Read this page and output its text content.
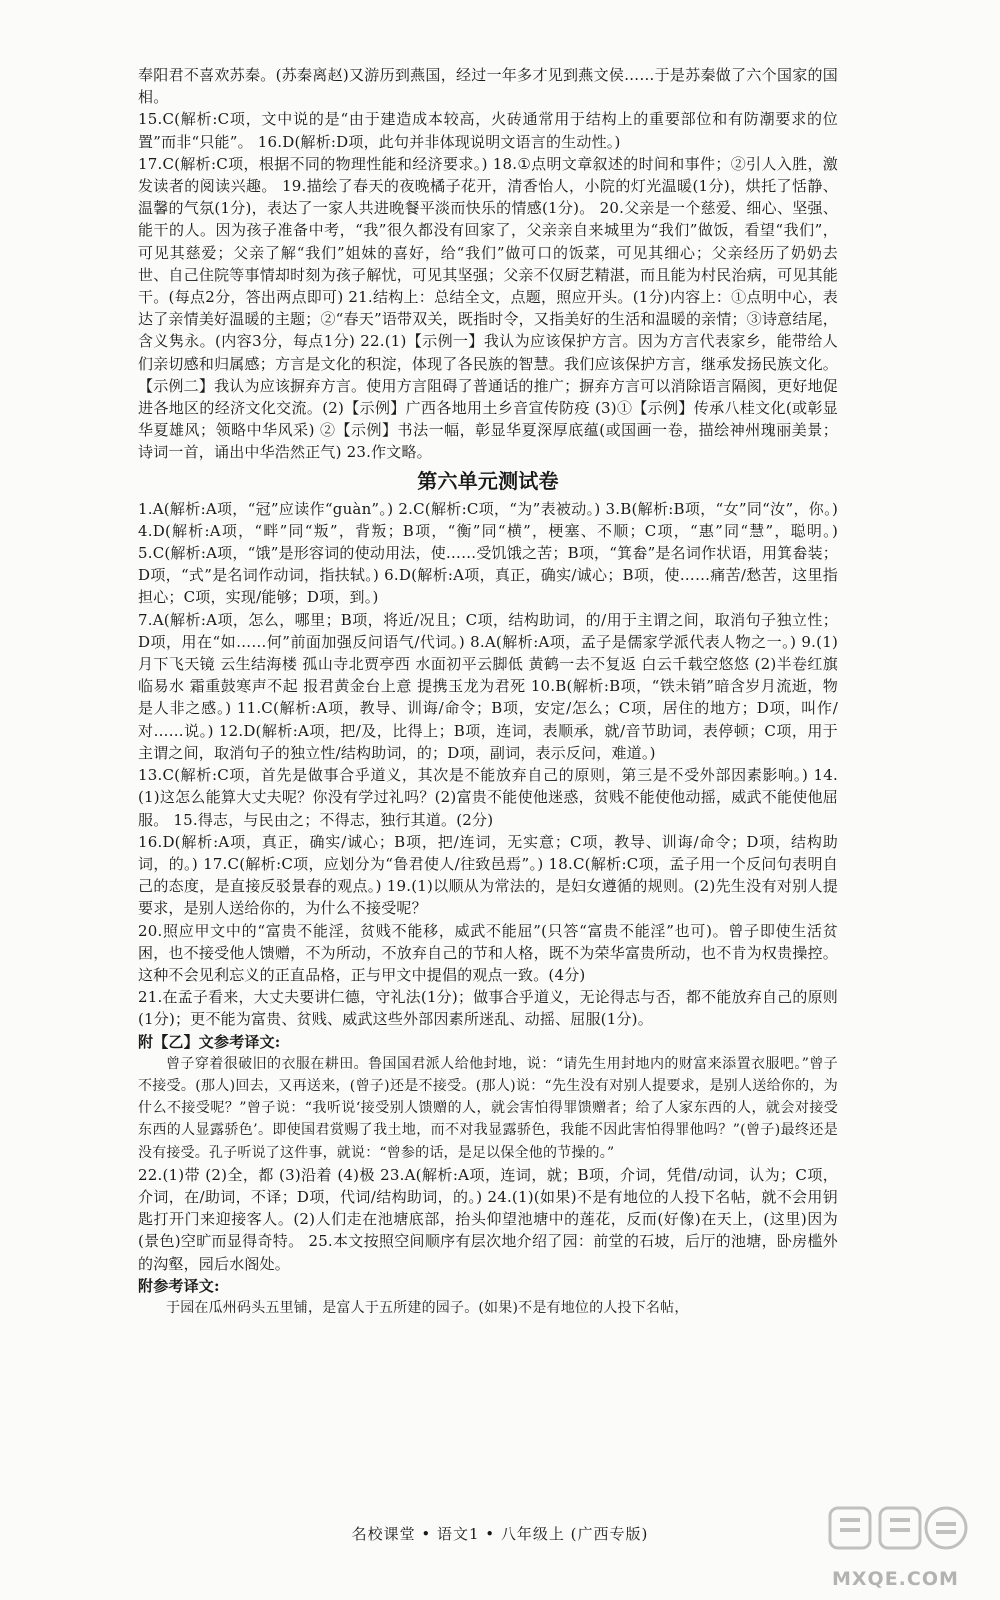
奉阳君不喜欢苏秦。(苏秦离赵)又游历到燕国，经过一年多才见到燕文侯……于是苏秦做了六个国家的国相。

15.C(解析:C项，文中说的是“由于建造成本较高，火砖通常用于结构上的重要部位和有防潮要求的位置”而非“只能”。 16.D(解析:D项，此句并非体现说明文语言的生动性。)

17.C(解析:C项，根据不同的物理性能和经济要求。) 18.①点明文章叙述的时间和事件；②引人入胜，激发读者的阅读兴趣。 19.描绘了春天的夜晚橘子花开，清香怡人，小院的灯光温暖(1分)，烘托了恬静、温馨的气氛(1分)，表达了一家人共进晚餐平淡而快乐的情感(1分)。 20.父亲是一个慈爱、细心、坚强、能干的人。因为孩子准备中考，“我”很久都没有回家了，父亲亲自来城里为“我们”做饭，看望“我们”，可见其慈爱；父亲了解“我们”姐妹的喜好，给“我们”做可口的饭菜，可见其细心；父亲经历了奶奶去世、自己住院等事情却时刻为孩子解忧，可见其坚强；父亲不仅厨艺精湛，而且能为村民治病，可见其能干。(每点2分，答出两点即可) 21.结构上：总结全文，点题，照应开头。(1分)内容上：①点明中心，表达了亲情美好温暖的主题；②“春天”语带双关，既指时令，又指美好的生活和温暖的亲情；③诗意结尾，含义隽永。(内容3分，每点1分) 22.(1)【示例一】我认为应该保护方言。因为方言代表家乡，能带给人们亲切感和归属感；方言是文化的积淀，体现了各民族的智慧。我们应该保护方言，继承发扬民族文化。【示例二】我认为应该摒弃方言。使用方言阻碍了普通话的推广；摒弃方言可以消除语言隔阂，更好地促进各地区的经济文化交流。(2)【示例】广西各地用土乡音宣传防疫 (3)①【示例】传承八桂文化(或彰显华夏雄风；领略中华风采) ②【示例】书法一幅，彰显华夏深厚底蕴(或国画一卷，描绘神州瑰丽美景；诗词一首，诵出中华浩然正气) 23.作文略。

第六单元测试卷

1.A(解析:A项，“冠”应读作“guàn”。) 2.C(解析:C项，“为”表被动。) 3.B(解析:B项，“女”同“汝”，你。) 4.D(解析:A项，“畔”同“叛”，背叛；B项，“衡”同“横”，梗塞、不顺；C项，“惠”同“慧”，聪明。) 5.C(解析:A项，“饿”是形容词的使动用法，使……受饥饿之苦；B项，“箕畚”是名词作状语，用箕畚装；D项，“式”是名词作动词，指扶轼。) 6.D(解析:A项，真正，确实/诚心；B项，使……痛苦/愁苦，这里指担心；C项，实现/能够；D项，到。)

7.A(解析:A项，怎么，哪里；B项，将近/况且；C项，结构助词，的/用于主谓之间，取消句子独立性；D项，用在“如……何”前面加强反问语气/代词。) 8.A(解析:A项，孟子是儒家学派代表人物之一。) 9.(1)月下飞天镜 云生结海楼 孤山寺北贾亭西 水面初平云脚低 黄鹤一去不复返 白云千载空悠悠 (2)半卷红旗临易水 霜重鼓寒声不起 报君黄金台上意 提携玉龙为君死 10.B(解析:B项，“铁未销”暗含岁月流逝，物是人非之感。) 11.C(解析:A项，教导、训诲/命令；B项，安定/怎么；C项，居住的地方；D项，叫作/对……说。) 12.D(解析:A项，把/及，比得上；B项，连词，表顺承，就/音节助词，表停顿；C项，用于主谓之间，取消句子的独立性/结构助词，的；D项，副词，表示反问，难道。)

13.C(解析:C项，首先是做事合乎道义，其次是不能放弃自己的原则，第三是不受外部因素影响。) 14.(1)这怎么能算大丈夫呢？你没有学过礼吗？(2)富贵不能使他迷惑，贫贱不能使他动摇，威武不能使他屈服。 15.得志，与民由之；不得志，独行其道。(2分)

16.D(解析:A项，真正，确实/诚心；B项，把/连词，无实意；C项，教导、训诲/命令；D项，结构助词，的。) 17.C(解析:C项，应划分为“鲁君使人/往致邑焉”。) 18.C(解析:C项，孟子用一个反问句表明自己的态度，是直接反驳景春的观点。) 19.(1)以顺从为常法的，是妇女遵循的规则。(2)先生没有对别人提要求，是别人送给你的，为什么不接受呢？

20.照应甲文中的“富贵不能淫，贫贱不能移，威武不能屈”(只答“富贵不能淫”也可)。曾子即使生活贫困，也不接受他人馈赠，不为所动，不放弃自己的节和人格，既不为荣华富贵所动，也不肯为权贵操控。这种不会见利忘义的正直品格，正与甲文中提倡的观点一致。(4分)

21.在孟子看来，大丈夫要讲仁德，守礼法(1分)；做事合乎道义，无论得志与否，都不能放弃自己的原则(1分)；更不能为富贵、贫贱、威武这些外部因素所迷乱、动摇、屈服(1分)。

附【乙】文参考译文:

曾子穿着很破旧的衣服在耕田。鲁国国君派人给他封地，说：“请先生用封地内的财富来添置衣服吧。”曾子不接受。(那人)回去，又再送来，(曾子)还是不接受。(那人)说：“先生没有对别人提要求，是别人送给你的，为什么不接受呢？”曾子说：“我听说‘接受别人馈赠的人，就会害怕得罪馈赠者；给了人家东西的人，就会对接受东西的人显露骄色’。即使国君赏赐了我土地，而不对我显露骄色，我能不因此害怕得罪他吗？”(曾子)最终还是没有接受。孔子听说了这件事，就说：“曾参的话，是足以保全他的节操的。”

22.(1)带 (2)全，都 (3)沿着 (4)极 23.A(解析:A项，连词，就；B项，介词，凭借/动词，认为；C项，介词，在/助词，不译；D项，代词/结构助词，的。) 24.(1)(如果)不是有地位的人投下名帖，就不会用钥匙打开门来迎接客人。(2)人们走在池塘底部，抬头仰望池塘中的莲花，反而(好像)在天上，(这里)因为(景色)空旷而显得奇特。 25.本文按照空间顺序有层次地介绍了园：前堂的石坡，后厅的池塘，卧房槛外的沟壑，园后水阁处。

附参考译文:

于园在瓜州码头五里铺，是富人于五所建的园子。(如果)不是有地位的人投下名帖，

名校课堂 • 语文1 • 八年级上 (广西专版)
MXQE.COM
